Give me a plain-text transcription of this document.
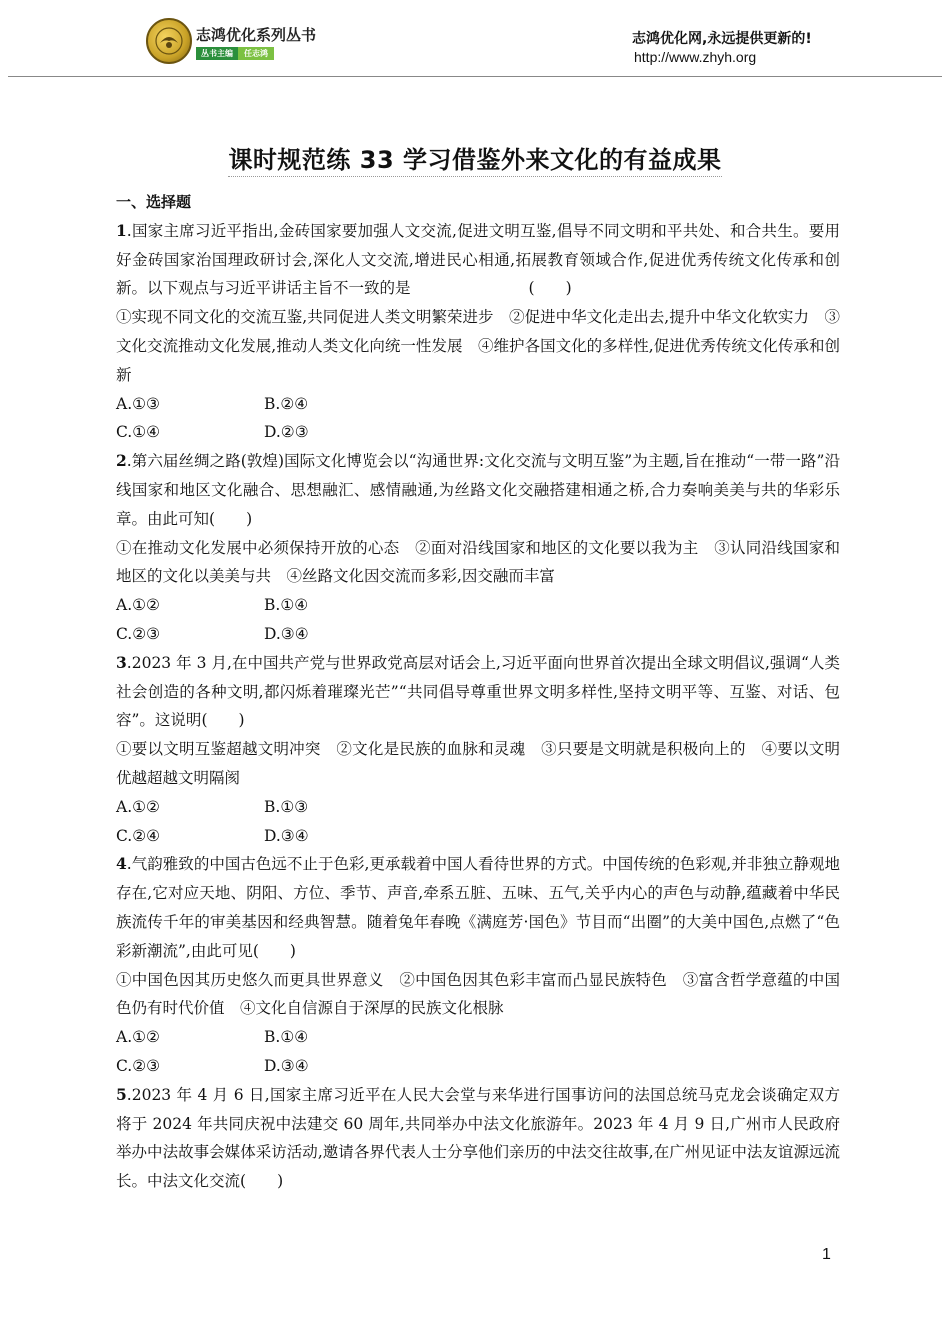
志鸿优化系列丛书
丛书主编	任志鸿
志鸿优化网,永远提供更新的!
http://www.zhyh.org
课时规范练 33 学习借鉴外来文化的有益成果

一、选择题

1.国家主席习近平指出,金砖国家要加强人文交流,促进文明互鉴,倡导不同文明和平共处、和合共生。要用好金砖国家治国理政研讨会,深化人文交流,增进民心相通,拓展教育领域合作,促进优秀传统文化传承和创新。以下观点与习近平讲话主旨不一致的是	(　　)

①实现不同文化的交流互鉴,共同促进人类文明繁荣进步　②促进中华文化走出去,提升中华文化软实力　③文化交流推动文化发展,推动人类文化向统一性发展　④维护各国文化的多样性,促进优秀传统文化传承和创新

A.①③	B.②④
C.①④	D.②③

2.第六届丝绸之路(敦煌)国际文化博览会以“沟通世界:文化交流与文明互鉴”为主题,旨在推动“一带一路”沿线国家和地区文化融合、思想融汇、感情融通,为丝路文化交融搭建相通之桥,合力奏响美美与共的华彩乐章。由此可知(　　)

①在推动文化发展中必须保持开放的心态　②面对沿线国家和地区的文化要以我为主　③认同沿线国家和地区的文化以美美与共　④丝路文化因交流而多彩,因交融而丰富

A.①②	B.①④
C.②③	D.③④

3.2023 年 3 月,在中国共产党与世界政党高层对话会上,习近平面向世界首次提出全球文明倡议,强调“人类社会创造的各种文明,都闪烁着璀璨光芒”“共同倡导尊重世界文明多样性,坚持文明平等、互鉴、对话、包容”。这说明(　　)

①要以文明互鉴超越文明冲突　②文化是民族的血脉和灵魂　③只要是文明就是积极向上的　④要以文明优越超越文明隔阂

A.①②	B.①③
C.②④	D.③④

4.气韵雅致的中国古色远不止于色彩,更承载着中国人看待世界的方式。中国传统的色彩观,并非独立静观地存在,它对应天地、阴阳、方位、季节、声音,牵系五脏、五味、五气,关乎内心的声色与动静,蕴藏着中华民族流传千年的审美基因和经典智慧。随着兔年春晚《满庭芳·国色》节目而“出圈”的大美中国色,点燃了“色彩新潮流”,由此可见(　　)

①中国色因其历史悠久而更具世界意义　②中国色因其色彩丰富而凸显民族特色　③富含哲学意蕴的中国色仍有时代价值　④文化自信源自于深厚的民族文化根脉

A.①②	B.①④
C.②③	D.③④

5.2023 年 4 月 6 日,国家主席习近平在人民大会堂与来华进行国事访问的法国总统马克龙会谈确定双方将于 2024 年共同庆祝中法建交 60 周年,共同举办中法文化旅游年。2023 年 4 月 9 日,广州市人民政府举办中法故事会媒体采访活动,邀请各界代表人士分享他们亲历的中法交往故事,在广州见证中法友谊源远流长。中法文化交流(　　)

1
